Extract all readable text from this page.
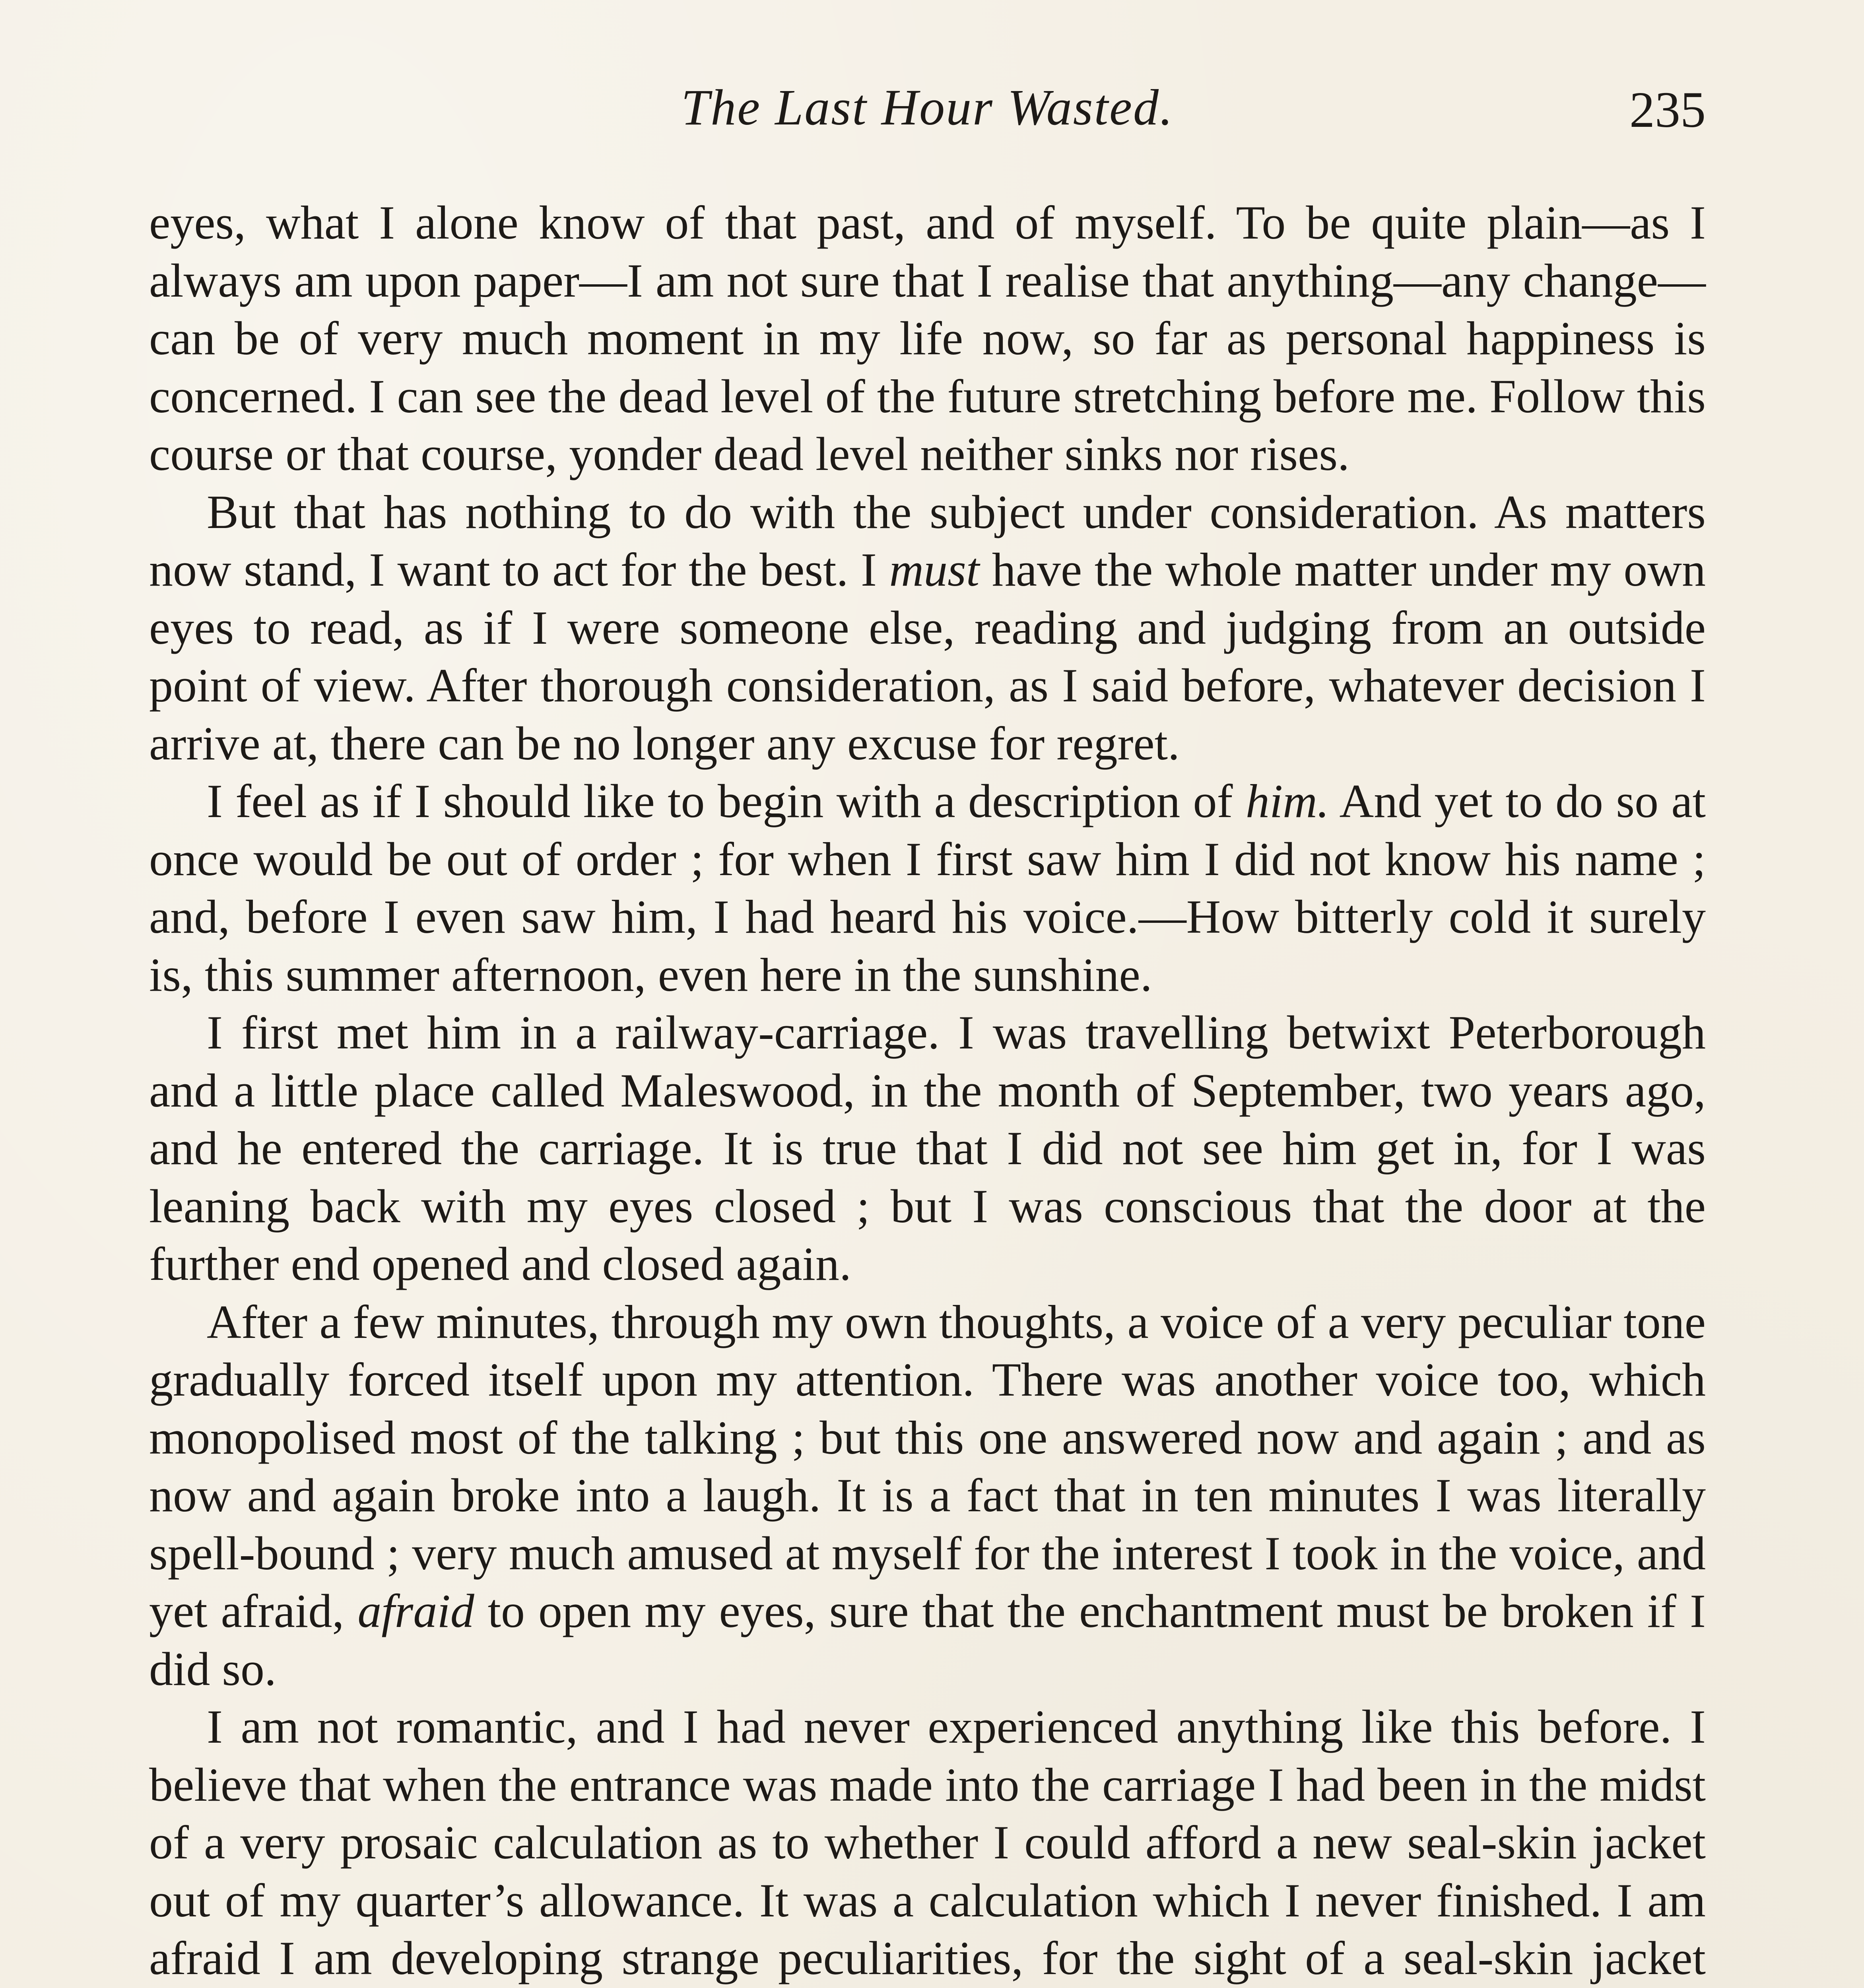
The Last Hour Wasted.	235

eyes, what I alone know of that past, and of myself. To be quite plain—as I always am upon paper—I am not sure that I realise that anything—any change—can be of very much moment in my life now, so far as personal happiness is concerned. I can see the dead level of the future stretching before me. Follow this course or that course, yonder dead level neither sinks nor rises.

But that has nothing to do with the subject under consideration. As matters now stand, I want to act for the best. I must have the whole matter under my own eyes to read, as if I were someone else, reading and judging from an outside point of view. After thorough consideration, as I said before, whatever decision I arrive at, there can be no longer any excuse for regret.

I feel as if I should like to begin with a description of him. And yet to do so at once would be out of order ; for when I first saw him I did not know his name ; and, before I even saw him, I had heard his voice.—How bitterly cold it surely is, this summer afternoon, even here in the sunshine.

I first met him in a railway-carriage. I was travelling betwixt Peterborough and a little place called Maleswood, in the month of September, two years ago, and he entered the carriage. It is true that I did not see him get in, for I was leaning back with my eyes closed ; but I was conscious that the door at the further end opened and closed again.

After a few minutes, through my own thoughts, a voice of a very peculiar tone gradually forced itself upon my attention. There was another voice too, which monopolised most of the talking ; but this one answered now and again ; and as now and again broke into a laugh. It is a fact that in ten minutes I was literally spell-bound ; very much amused at myself for the interest I took in the voice, and yet afraid, afraid to open my eyes, sure that the enchantment must be broken if I did so.

I am not romantic, and I had never experienced anything like this before. I believe that when the entrance was made into the carriage I had been in the midst of a very prosaic calculation as to whether I could afford a new seal-skin jacket out of my quarter’s allowance. It was a calculation which I never finished. I am afraid I am developing strange peculiarities, for the sight of a seal-skin jacket
